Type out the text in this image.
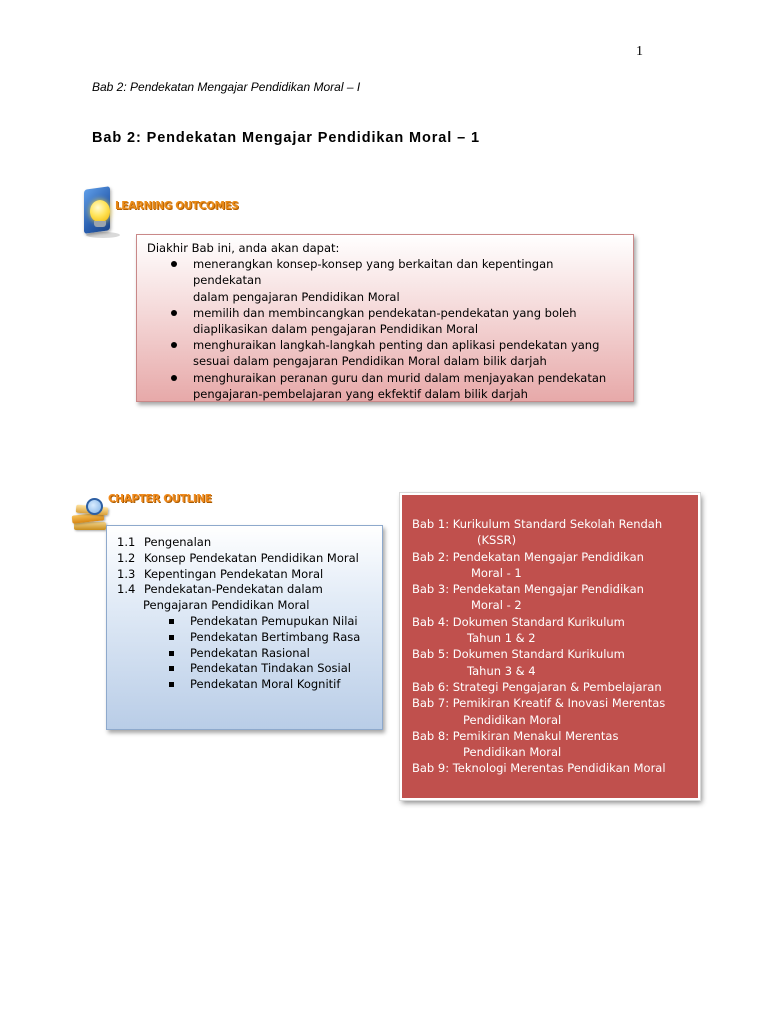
1
Bab 2: Pendekatan Mengajar Pendidikan Moral – I
Bab 2: Pendekatan Mengajar Pendidikan Moral – 1
LEARNING OUTCOMES

Diakhir Bab ini, anda akan dapat:

menerangkan konsep-konsep yang berkaitan dan kepentingan pendekatan
dalam pengajaran Pendidikan Moral
memilih dan membincangkan pendekatan-pendekatan yang boleh
diaplikasikan dalam pengajaran Pendidikan Moral
menghuraikan langkah-langkah penting dan aplikasi pendekatan yang
sesuai dalam pengajaran Pendidikan Moral dalam bilik darjah
menghuraikan peranan guru dan murid dalam menjayakan pendekatan
pengajaran-pembelajaran yang ekfektif dalam bilik darjah
CHAPTER OUTLINE
1.1 Pengenalan
1.2 Konsep Pendekatan Pendidikan Moral
1.3 Kepentingan Pendekatan Moral
1.4 Pendekatan-Pendekatan dalam
Pengajaran Pendidikan Moral
Pendekatan Pemupukan Nilai
Pendekatan Bertimbang Rasa
Pendekatan Rasional
Pendekatan Tindakan Sosial
Pendekatan Moral Kognitif
Bab 1: Kurikulum Standard Sekolah Rendah
(KSSR)
Bab 2: Pendekatan Mengajar Pendidikan
Moral - 1
Bab 3: Pendekatan Mengajar Pendidikan
Moral - 2
Bab 4: Dokumen Standard Kurikulum
Tahun 1 & 2
Bab 5: Dokumen Standard Kurikulum
Tahun 3 & 4
Bab 6: Strategi Pengajaran & Pembelajaran
Bab 7: Pemikiran Kreatif & Inovasi Merentas
Pendidikan Moral
Bab 8: Pemikiran Menakul Merentas
Pendidikan Moral
Bab 9: Teknologi Merentas Pendidikan Moral
